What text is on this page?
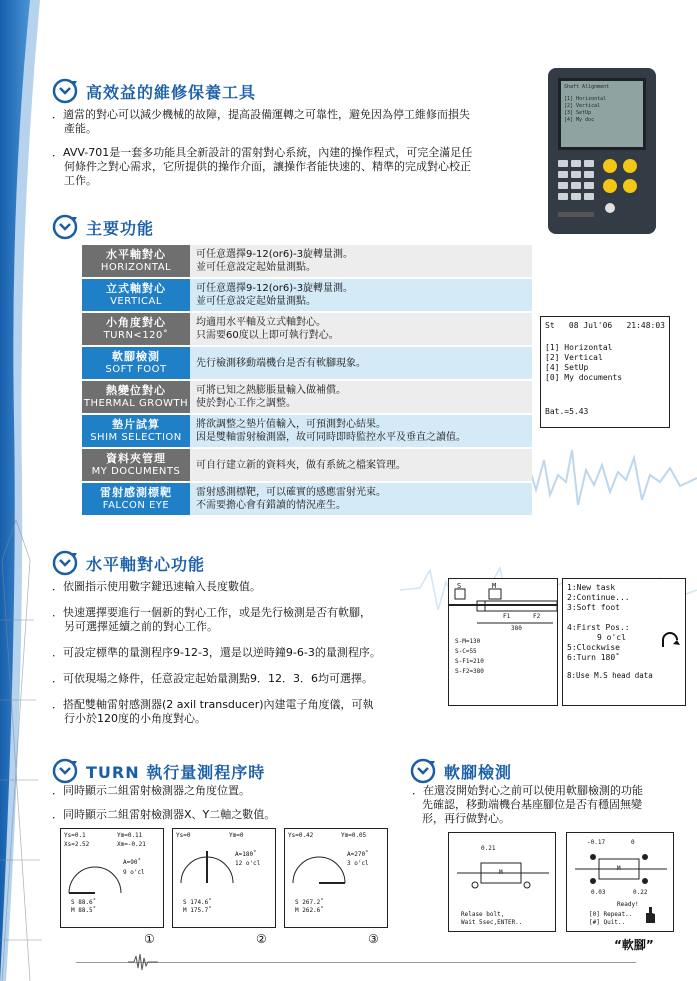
高效益的維修保養工具
．適當的對心可以減少機械的故障，提高設備運轉之可靠性，避免因為停工維修而損失
產能。
．AVV-701是一套多功能具全新設計的雷射對心系統，內建的操作程式，可完全滿足任
何條件之對心需求，它所提供的操作介面，讓操作者能快速的、精準的完成對心校正
工作。
Shaft Alignment
[1] Horizontal
[2] Vertical
[3] SetUp
[4] My doc
主要功能
水平軸對心
HORIZONTAL
可任意選擇9-12(or6)-3旋轉量測。
並可任意設定起始量測點。
立式軸對心
VERTICAL
可任意選擇9-12(or6)-3旋轉量測。
並可任意設定起始量測點。
小角度對心
TURN<120˚
均適用水平軸及立式軸對心。
只需要60度以上即可執行對心。
軟腳檢測
SOFT FOOT
先行檢測移動端機台是否有軟腳現象。
熱變位對心
THERMAL GROWTH
可將已知之熱膨脹量輸入做補償。
使於對心工作之調整。
墊片試算
SHIM SELECTION
將欲調整之墊片值輸入，可預測對心結果。
因是雙軸雷射檢測器，故可同時即時監控水平及垂直之讀值。
資料夾管理
MY DOCUMENTS
可自行建立新的資料夾，做有系統之檔案管理。
雷射感測標靶
FALCON EYE
雷射感測標靶，可以確實的感應雷射光束。
不需要擔心會有錯讀的情況產生。
St 08 Jul'06 21:48:03
[1] Horizontal
[2] Vertical
[4] SetUp
[0] My documents
Bat.=5.43
水平軸對心功能
．依圖指示使用數字鍵迅速輸入長度數值。
．快速選擇要進行一個新的對心工作，或是先行檢測是否有軟腳，
另可選擇延續之前的對心工作。
．可設定標準的量測程序9-12-3，還是以逆時鐘9-6-3的量測程序。
．可依現場之條件，任意設定起始量測點9．12．3．6均可選擇。
．搭配雙軸雷射感測器(2 axil transducer)內建電子角度儀，可執
行小於120度的小角度對心。
S	M
F1	F2
380
S-M=130
S-C=55
S-F1=210
S-F2=380
1:New task
2:Continue...
3:Soft foot
4:First Pos.:
9 o'cl
5:Clockwise
6:Turn 180˚
8:Use M.S head data
TURN 執行量測程序時
．同時顯示二組雷射檢測器之角度位置。
．同時顯示二組雷射檢測器X、Y二軸之數值。
Ys=0.1	Ym=0.11
Xs=2.52	Xm=-0.21
A=90˚
9 o'cl
S 88.6˚
M 88.5˚
Ys=0	Ym=0
A=180˚
12 o'cl
S 174.6˚
M 175.7˚
Ys=0.42	Ym=0.05
A=270˚
3 o'cl
S 267.2˚
M 262.6˚
①	②	③
軟腳檢測
．在還沒開始對心之前可以使用軟腳檢測的功能
先確認，移動端機台基座腳位是否有穩固無變
形，再行做對心。
0.21
M
Relase bolt,
Wait 5sec,ENTER..
-0.17	0
M
0.03	0.22
Ready!
[0] Repeat..
[#] Quit..
“軟腳”
